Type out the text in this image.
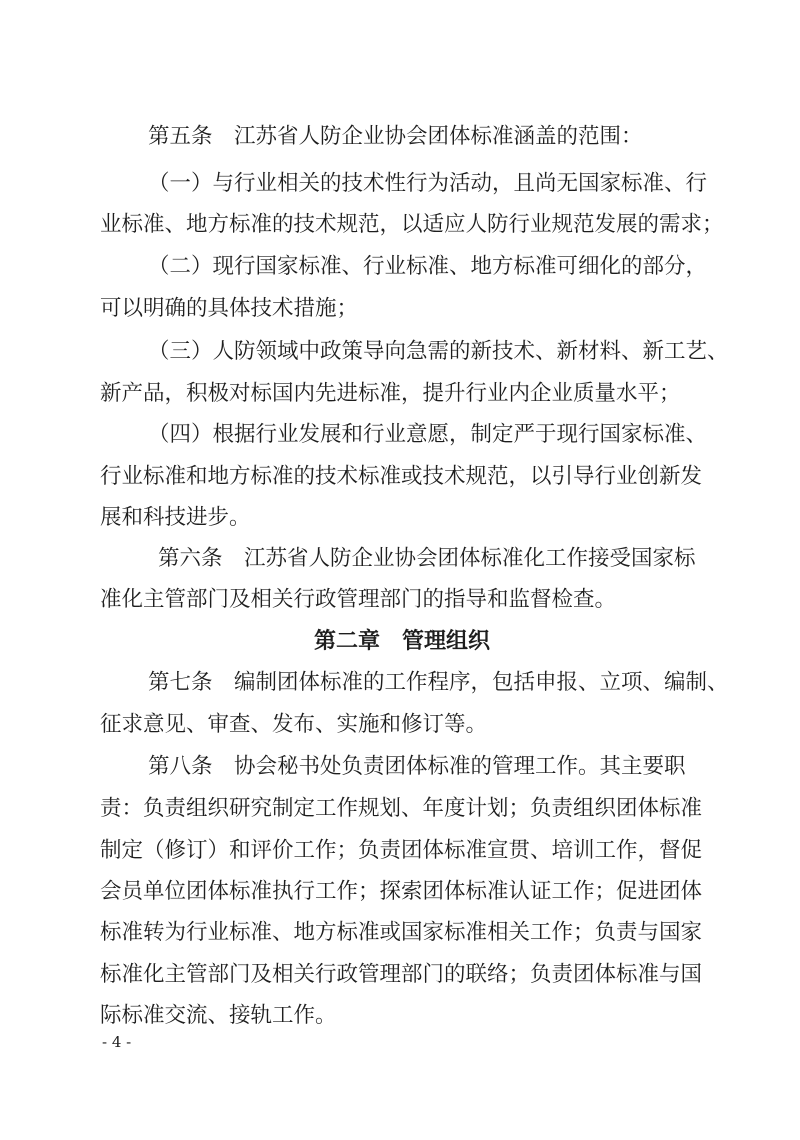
第五条　江苏省人防企业协会团体标准涵盖的范围：
（一）与行业相关的技术性行为活动，且尚无国家标准、行
业标准、地方标准的技术规范，以适应人防行业规范发展的需求；
（二）现行国家标准、行业标准、地方标准可细化的部分，
可以明确的具体技术措施；
（三）人防领域中政策导向急需的新技术、新材料、新工艺、
新产品，积极对标国内先进标准，提升行业内企业质量水平；
（四）根据行业发展和行业意愿，制定严于现行国家标准、
行业标准和地方标准的技术标准或技术规范，以引导行业创新发
展和科技进步。
第六条　江苏省人防企业协会团体标准化工作接受国家标
准化主管部门及相关行政管理部门的指导和监督检查。
第二章　管理组织
第七条　编制团体标准的工作程序，包括申报、立项、编制、
征求意见、审查、发布、实施和修订等。
第八条　协会秘书处负责团体标准的管理工作。其主要职
责：负责组织研究制定工作规划、年度计划；负责组织团体标准
制定（修订）和评价工作；负责团体标准宣贯、培训工作，督促
会员单位团体标准执行工作；探索团体标准认证工作；促进团体
标准转为行业标准、地方标准或国家标准相关工作；负责与国家
标准化主管部门及相关行政管理部门的联络；负责团体标准与国
际标准交流、接轨工作。
- 4 -
